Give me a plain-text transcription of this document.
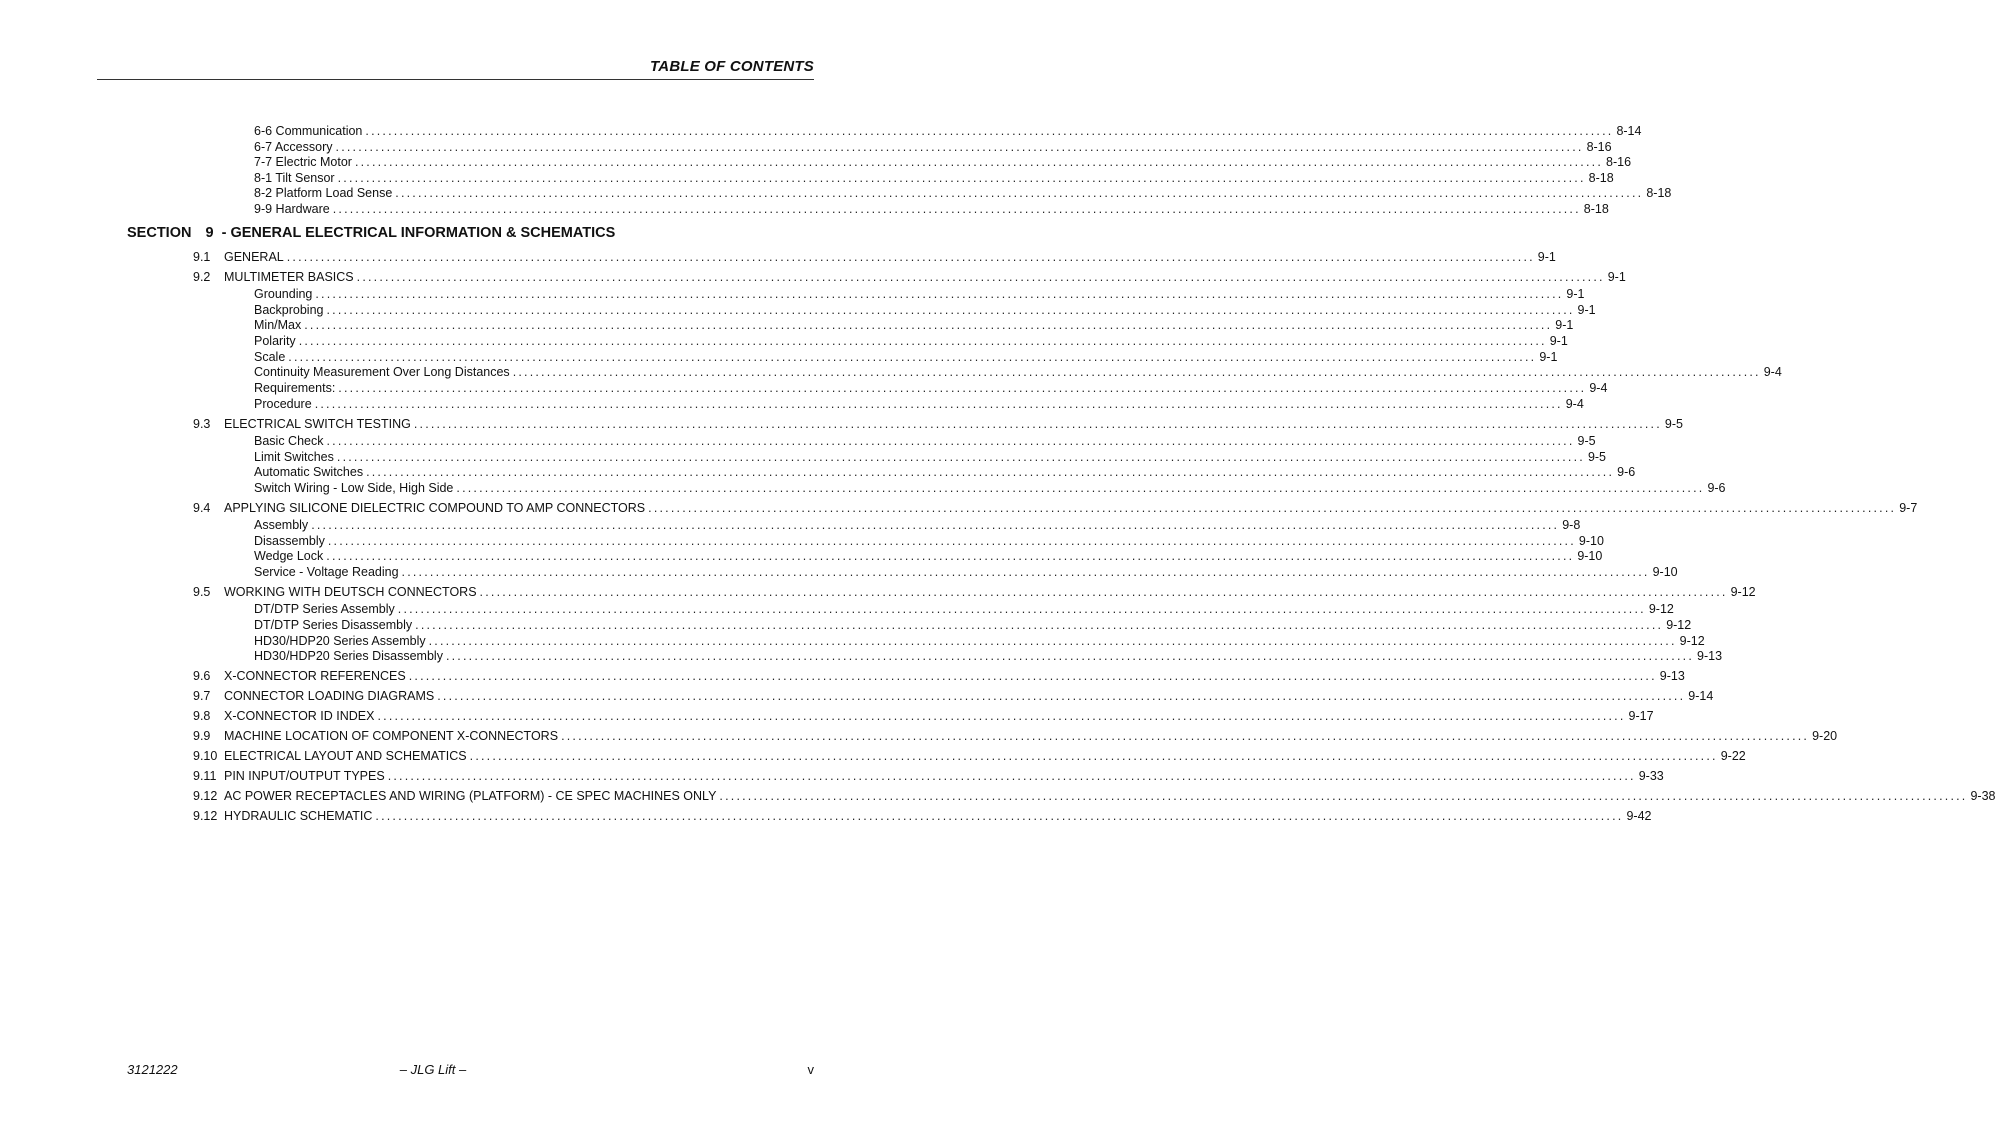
TABLE OF CONTENTS
6-6 Communication ............................................................................................................................................................................................................................ 8-14
6-7 Accessory ............................................................................................................................................................................................................................ 8-16
7-7 Electric Motor ............................................................................................................................................................................................................................ 8-16
8-1 Tilt Sensor ............................................................................................................................................................................................................................ 8-18
8-2 Platform Load Sense ............................................................................................................................................................................................................................ 8-18
9-9 Hardware ............................................................................................................................................................................................................................ 8-18
SECTION 9 - GENERAL ELECTRICAL INFORMATION & SCHEMATICS
9.1	GENERAL ............................................................................................................................................................................................................................ 9-1
9.2	MULTIMETER BASICS ............................................................................................................................................................................................................................ 9-1
Grounding ............................................................................................................................................................................................................................ 9-1
Backprobing ............................................................................................................................................................................................................................ 9-1
Min/Max ............................................................................................................................................................................................................................ 9-1
Polarity ............................................................................................................................................................................................................................ 9-1
Scale ............................................................................................................................................................................................................................ 9-1
Continuity Measurement Over Long Distances ............................................................................................................................................................................................................................ 9-4
Requirements: ............................................................................................................................................................................................................................ 9-4
Procedure ............................................................................................................................................................................................................................ 9-4
9.3	ELECTRICAL SWITCH TESTING ............................................................................................................................................................................................................................ 9-5
Basic Check ............................................................................................................................................................................................................................ 9-5
Limit Switches ............................................................................................................................................................................................................................ 9-5
Automatic Switches ............................................................................................................................................................................................................................ 9-6
Switch Wiring - Low Side, High Side ............................................................................................................................................................................................................................ 9-6
9.4	APPLYING SILICONE DIELECTRIC COMPOUND TO AMP CONNECTORS ............................................................................................................................................................................................................................ 9-7
Assembly ............................................................................................................................................................................................................................ 9-8
Disassembly ............................................................................................................................................................................................................................ 9-10
Wedge Lock ............................................................................................................................................................................................................................ 9-10
Service - Voltage Reading ............................................................................................................................................................................................................................ 9-10
9.5	WORKING WITH DEUTSCH CONNECTORS ............................................................................................................................................................................................................................ 9-12
DT/DTP Series Assembly ............................................................................................................................................................................................................................ 9-12
DT/DTP Series Disassembly ............................................................................................................................................................................................................................ 9-12
HD30/HDP20 Series Assembly ............................................................................................................................................................................................................................ 9-12
HD30/HDP20 Series Disassembly ............................................................................................................................................................................................................................ 9-13
9.6	X-CONNECTOR REFERENCES ............................................................................................................................................................................................................................ 9-13
9.7	CONNECTOR LOADING DIAGRAMS ............................................................................................................................................................................................................................ 9-14
9.8	X-CONNECTOR ID INDEX ............................................................................................................................................................................................................................ 9-17
9.9	MACHINE LOCATION OF COMPONENT X-CONNECTORS ............................................................................................................................................................................................................................ 9-20
9.10 ELECTRICAL LAYOUT AND SCHEMATICS ............................................................................................................................................................................................................................ 9-22
9.11 PIN INPUT/OUTPUT TYPES ............................................................................................................................................................................................................................ 9-33
9.12 AC POWER RECEPTACLES AND WIRING (PLATFORM) - CE SPEC MACHINES ONLY ............................................................................................................................................................................................................................ 9-38
9.12 HYDRAULIC SCHEMATIC ............................................................................................................................................................................................................................ 9-42
3121222	– JLG Lift –	v
